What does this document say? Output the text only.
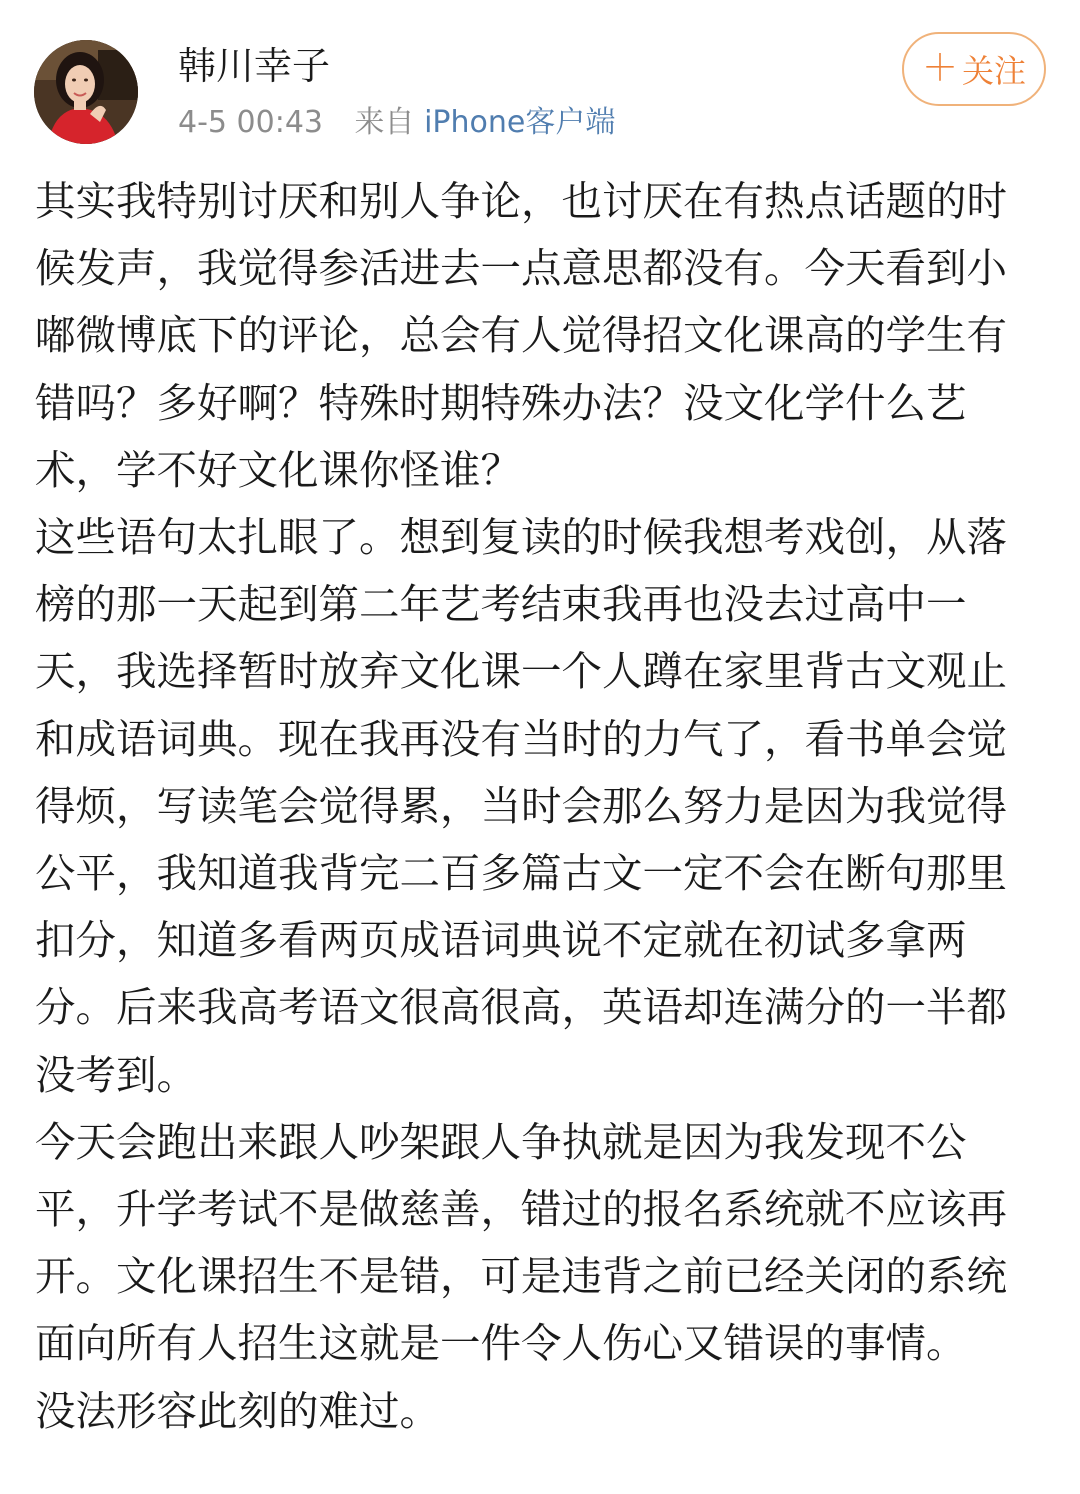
韩川幸子
4-5 00:43 来自 iPhone客户端
＋ 关注

其实我特别讨厌和别人争论，也讨厌在有热点话题的时
候发声，我觉得参活进去一点意思都没有。今天看到小
嘟微博底下的评论，总会有人觉得招文化课高的学生有
错吗？多好啊？特殊时期特殊办法？没文化学什么艺
术，学不好文化课你怪谁？

这些语句太扎眼了。想到复读的时候我想考戏创，从落
榜的那一天起到第二年艺考结束我再也没去过高中一
天，我选择暂时放弃文化课一个人蹲在家里背古文观止
和成语词典。现在我再没有当时的力气了，看书单会觉
得烦，写读笔会觉得累，当时会那么努力是因为我觉得
公平，我知道我背完二百多篇古文一定不会在断句那里
扣分，知道多看两页成语词典说不定就在初试多拿两
分。后来我高考语文很高很高，英语却连满分的一半都
没考到。

今天会跑出来跟人吵架跟人争执就是因为我发现不公
平，升学考试不是做慈善，错过的报名系统就不应该再
开。文化课招生不是错，可是违背之前已经关闭的系统
面向所有人招生这就是一件令人伤心又错误的事情。

没法形容此刻的难过。
